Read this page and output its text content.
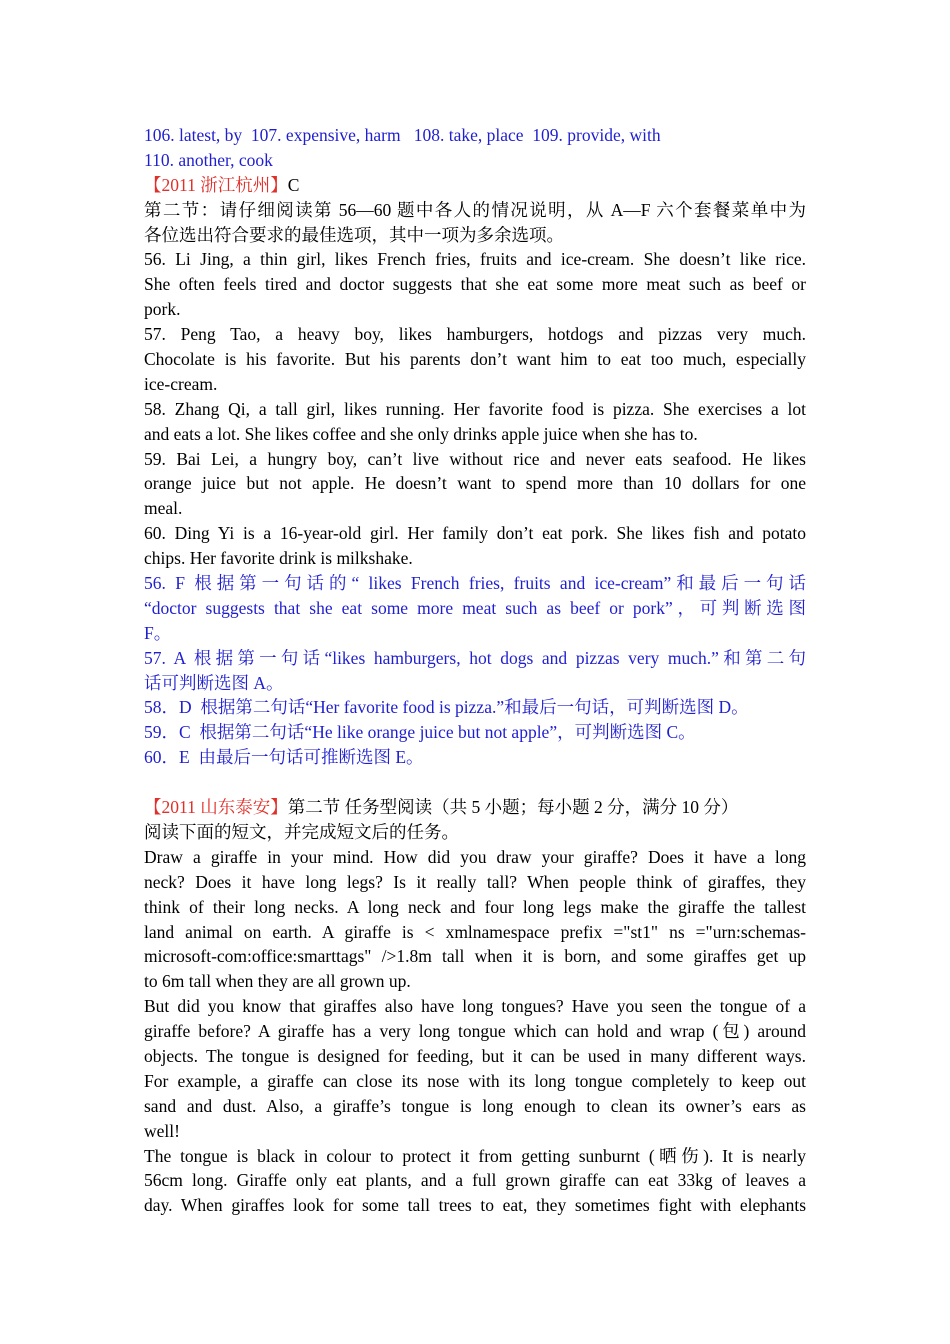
106. latest, by  107. expensive, harm   108. take, place  109. provide, with
110. another, cook
【2011 浙江杭州】C
第二节：请仔细阅读第 56—60 题中各人的情况说明，从 A—F 六个套餐菜单中为
各位选出符合要求的最佳选项，其中一项为多余选项。
56. Li Jing, a thin girl, likes French fries, fruits and ice-cream. She doesn’t like rice.
She often feels tired and doctor suggests that she eat some more meat such as beef or
pork.
57. Peng Tao, a heavy boy, likes hamburgers, hotdogs and pizzas very much.
Chocolate is his favorite. But his parents don’t want him to eat too much, especially
ice-cream.
58. Zhang Qi, a tall girl, likes running. Her favorite food is pizza. She exercises a lot
and eats a lot. She likes coffee and she only drinks apple juice when she has to.
59. Bai Lei, a hungry boy, can’t live without rice and never eats seafood. He likes
orange juice but not apple. He doesn’t want to spend more than 10 dollars for one
meal.
60. Ding Yi is a 16-year-old girl. Her family don’t eat pork. She likes fish and potato
chips. Her favorite drink is milkshake.
56. F 根据第一句话的“ likes French fries, fruits and ice-cream”和最后一句话
“doctor suggests that she eat some more meat such as beef or pork”，可判断选图
F。
57. A 根据第一句话“likes hamburgers, hot dogs and pizzas very much.”和第二句
话可判断选图 A。
58．D  根据第二句话“Her favorite food is pizza.”和最后一句话，可判断选图 D。
59．C  根据第二句话“He like orange juice but not apple”，可判断选图 C。
60．E  由最后一句话可推断选图 E。
【2011 山东泰安】第二节 任务型阅读（共 5 小题；每小题 2 分，满分 10 分）
阅读下面的短文，并完成短文后的任务。
Draw a giraffe in your mind. How did you draw your giraffe? Does it have a long
neck? Does it have long legs? Is it really tall? When people think of giraffes, they
think of their long necks. A long neck and four long legs make the giraffe the tallest
land animal on earth. A giraffe is < xmlnamespace prefix ="st1" ns ="urn:schemas-
microsoft-com:office:smarttags" />1.8m tall when it is born, and some giraffes get up
to 6m tall when they are all grown up.
But did you know that giraffes also have long tongues? Have you seen the tongue of a
giraffe before? A giraffe has a very long tongue which can hold and wrap (包) around
objects. The tongue is designed for feeding, but it can be used in many different ways.
For example, a giraffe can close its nose with its long tongue completely to keep out
sand and dust. Also, a giraffe’s tongue is long enough to clean its owner’s ears as
well!
The tongue is black in colour to protect it from getting sunburnt (晒伤). It is nearly
56cm long. Giraffe only eat plants, and a full grown giraffe can eat 33kg of leaves a
day. When giraffes look for some tall trees to eat, they sometimes fight with elephants
